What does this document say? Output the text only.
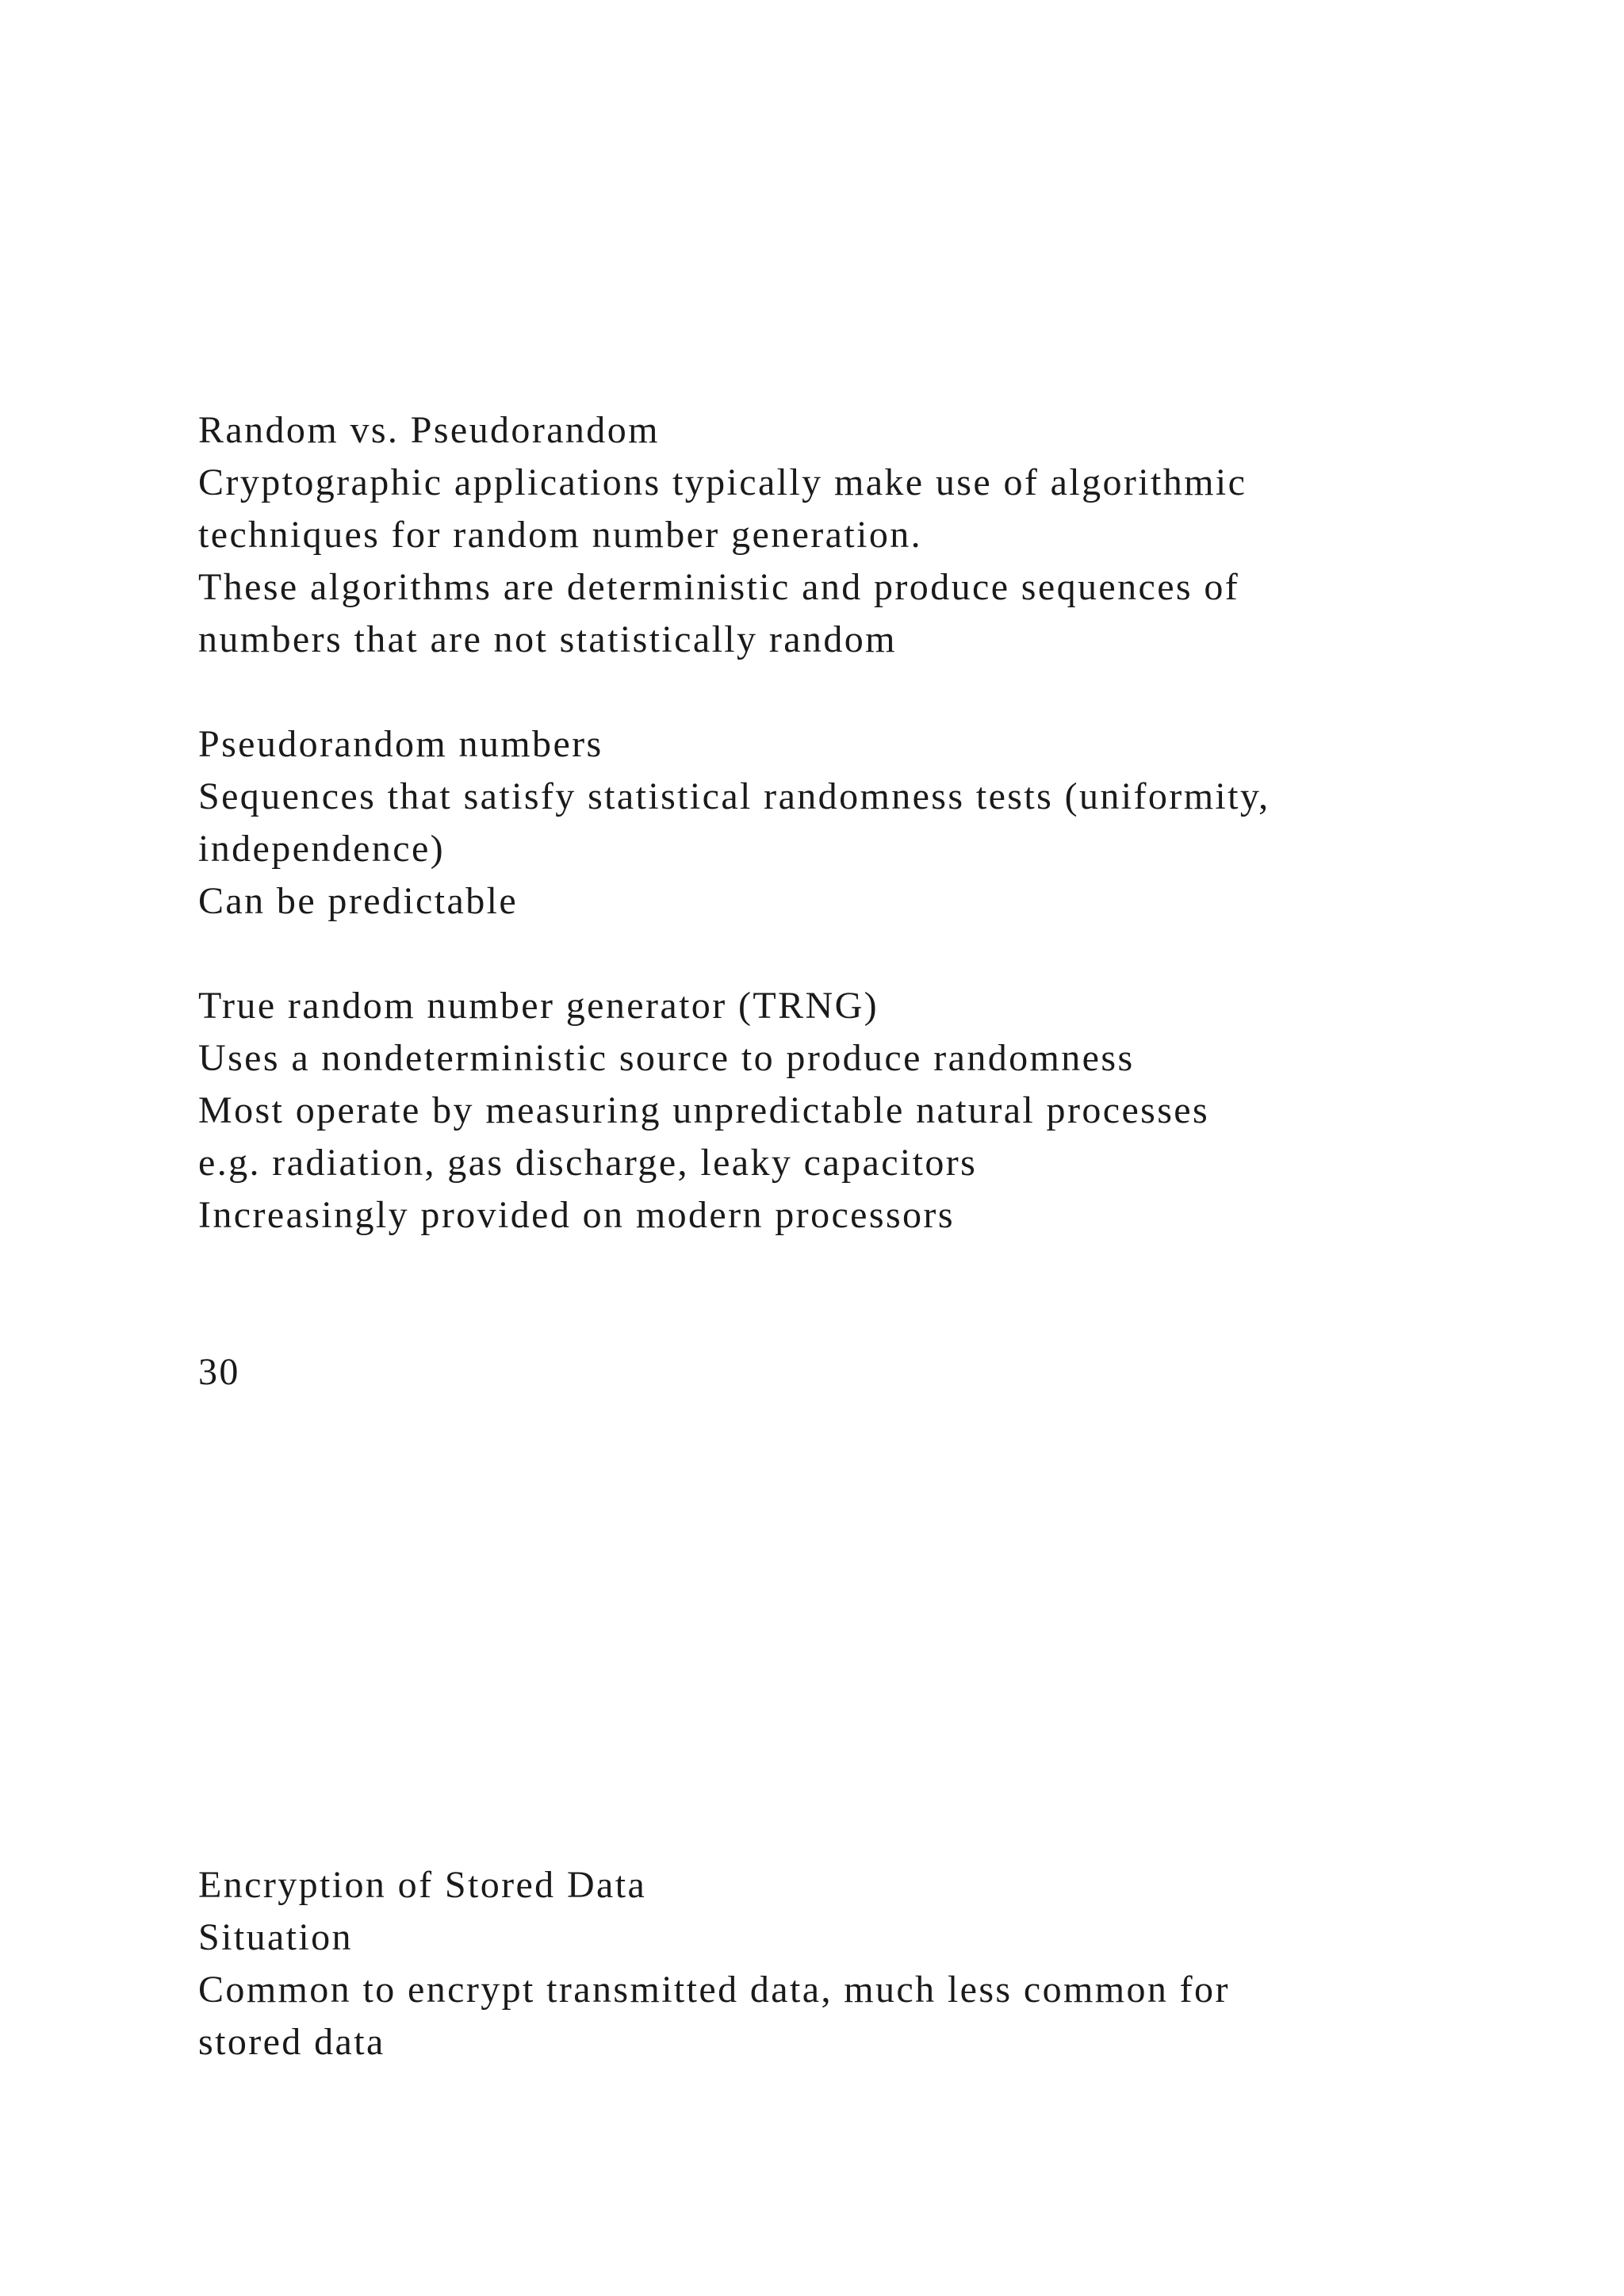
Random vs. Pseudorandom
Cryptographic applications typically make use of algorithmic
techniques for random number generation.
These algorithms are deterministic and produce sequences of
numbers that are not statistically random
Pseudorandom numbers
Sequences that satisfy statistical randomness tests (uniformity,
independence)
Can be predictable
True random number generator (TRNG)
Uses a nondeterministic source to produce randomness
Most operate by measuring unpredictable natural processes
e.g. radiation, gas discharge, leaky capacitors
Increasingly provided on modern processors
30
Encryption of Stored Data
Situation
Common to encrypt transmitted data, much less common for
stored data
